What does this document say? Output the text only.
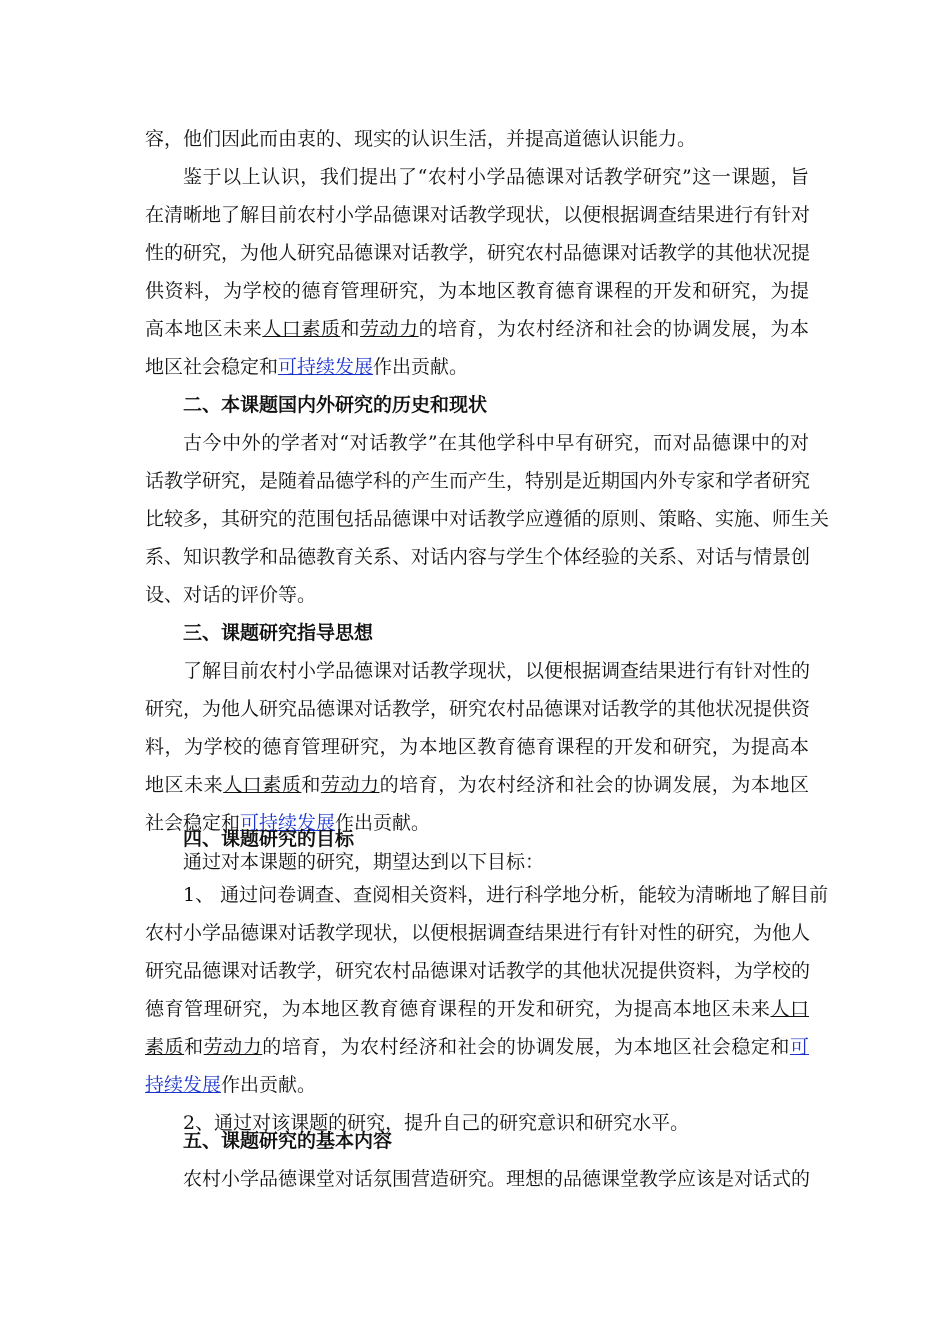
容，他们因此而由衷的、现实的认识生活，并提高道德认识能力。
鉴于以上认识，我们提出了“农村小学品德课对话教学研究”这一课题，旨
在清晰地了解目前农村小学品德课对话教学现状，以便根据调查结果进行有针对
性的研究，为他人研究品德课对话教学，研究农村品德课对话教学的其他状况提
供资料，为学校的德育管理研究，为本地区教育德育课程的开发和研究，为提
高本地区未来人口素质和劳动力的培育，为农村经济和社会的协调发展，为本
地区社会稳定和可持续发展作出贡献。
二、本课题国内外研究的历史和现状
古今中外的学者对“对话教学”在其他学科中早有研究，而对品德课中的对
话教学研究，是随着品德学科的产生而产生，特别是近期国内外专家和学者研究
比较多，其研究的范围包括品德课中对话教学应遵循的原则、策略、实施、师生关
系、知识教学和品德教育关系、对话内容与学生个体经验的关系、对话与情景创
设、对话的评价等。
三、课题研究指导思想
了解目前农村小学品德课对话教学现状，以便根据调查结果进行有针对性的
研究，为他人研究品德课对话教学，研究农村品德课对话教学的其他状况提供资
料，为学校的德育管理研究，为本地区教育德育课程的开发和研究，为提高本
地区未来人口素质和劳动力的培育，为农村经济和社会的协调发展，为本地区
社会稳定和可持续发展作出贡献。
四、课题研究的目标
通过对本课题的研究，期望达到以下目标：
1、 通过问卷调查、查阅相关资料，进行科学地分析，能较为清晰地了解目前
农村小学品德课对话教学现状，以便根据调查结果进行有针对性的研究，为他人
研究品德课对话教学，研究农村品德课对话教学的其他状况提供资料，为学校的
德育管理研究，为本地区教育德育课程的开发和研究，为提高本地区未来人口
素质和劳动力的培育，为农村经济和社会的协调发展，为本地区社会稳定和可
持续发展作出贡献。
2、通过对该课题的研究，提升自己的研究意识和研究水平。
五、课题研究的基本内容
农村小学品德课堂对话氛围营造研究。理想的品德课堂教学应该是对话式的
